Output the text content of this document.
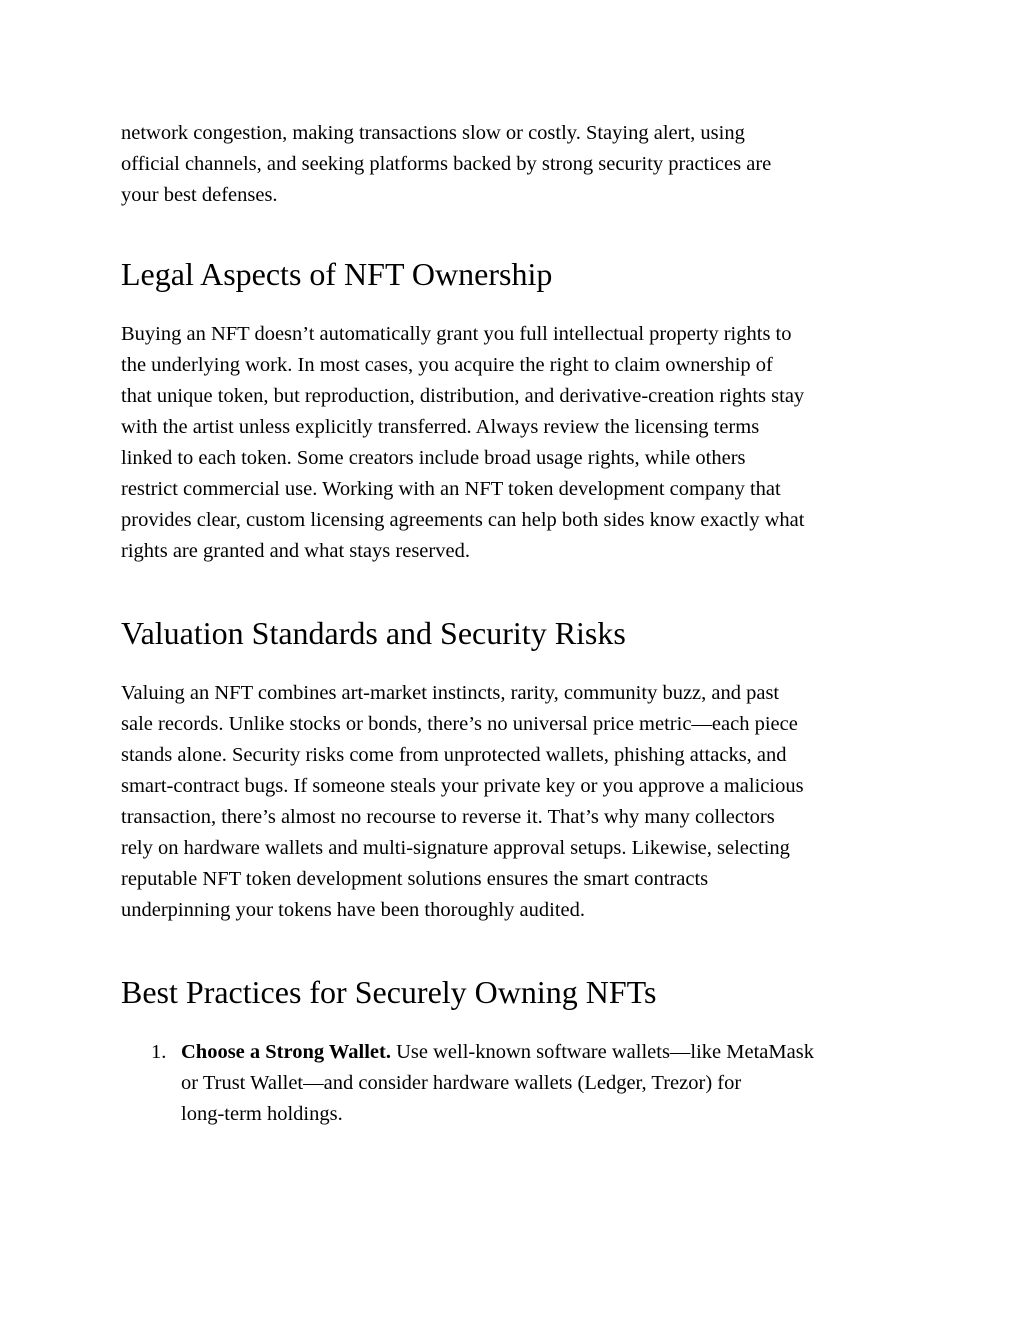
network congestion, making transactions slow or costly. Staying alert, using
official channels, and seeking platforms backed by strong security practices are
your best defenses.

Legal Aspects of NFT Ownership

Buying an NFT doesn’t automatically grant you full intellectual property rights to
the underlying work. In most cases, you acquire the right to claim ownership of
that unique token, but reproduction, distribution, and derivative‑creation rights stay
with the artist unless explicitly transferred. Always review the licensing terms
linked to each token. Some creators include broad usage rights, while others
restrict commercial use. Working with an NFT token development company that
provides clear, custom licensing agreements can help both sides know exactly what
rights are granted and what stays reserved.

Valuation Standards and Security Risks

Valuing an NFT combines art‑market instincts, rarity, community buzz, and past
sale records. Unlike stocks or bonds, there’s no universal price metric—each piece
stands alone. Security risks come from unprotected wallets, phishing attacks, and
smart‑contract bugs. If someone steals your private key or you approve a malicious
transaction, there’s almost no recourse to reverse it. That’s why many collectors
rely on hardware wallets and multi‑signature approval setups. Likewise, selecting
reputable NFT token development solutions ensures the smart contracts
underpinning your tokens have been thoroughly audited.

Best Practices for Securely Owning NFTs
1. Choose a Strong Wallet. Use well‑known software wallets—like MetaMask
or Trust Wallet—and consider hardware wallets (Ledger, Trezor) for
long‑term holdings.
